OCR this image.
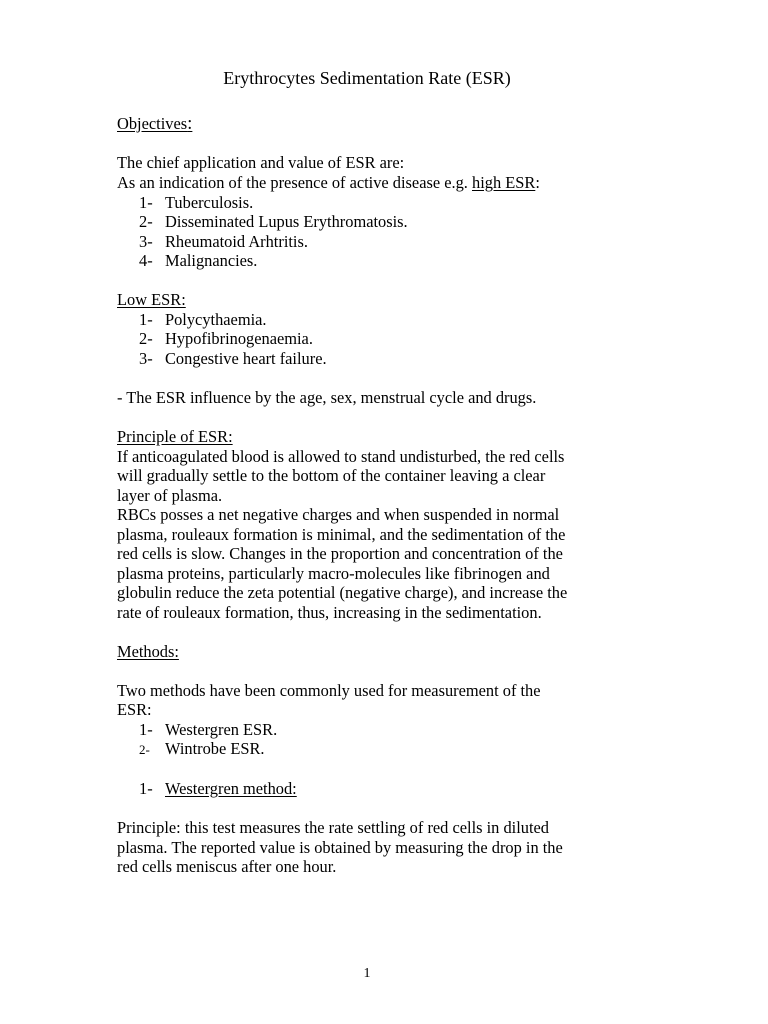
Erythrocytes Sedimentation Rate (ESR)
Objectives:
The chief application and value of ESR are:
As an indication of the presence of active disease e.g. high ESR:
1- Tuberculosis.
2- Disseminated Lupus Erythromatosis.
3- Rheumatoid Arhtritis.
4- Malignancies.
Low ESR:
1- Polycythaemia.
2- Hypofibrinogenaemia.
3- Congestive heart failure.
- The ESR influence by the age, sex, menstrual cycle and drugs.
Principle of ESR:
If anticoagulated blood is allowed to stand undisturbed, the red cells
will gradually settle to the bottom of the container leaving a clear
layer of plasma.
RBCs posses a net negative charges and when suspended in normal
plasma, rouleaux formation is minimal, and the sedimentation of the
red cells is slow. Changes in the proportion and concentration of the
plasma proteins, particularly macro-molecules like fibrinogen and
globulin reduce the zeta potential (negative charge), and increase the
rate of rouleaux formation, thus, increasing in the sedimentation.
Methods:
Two methods have been commonly used for measurement of the
ESR:
1- Westergren ESR.
2- Wintrobe ESR.
1- Westergren method:
Principle: this test measures the rate settling of red cells in diluted
plasma. The reported value is obtained by measuring the drop in the
red cells meniscus after one hour.
1
